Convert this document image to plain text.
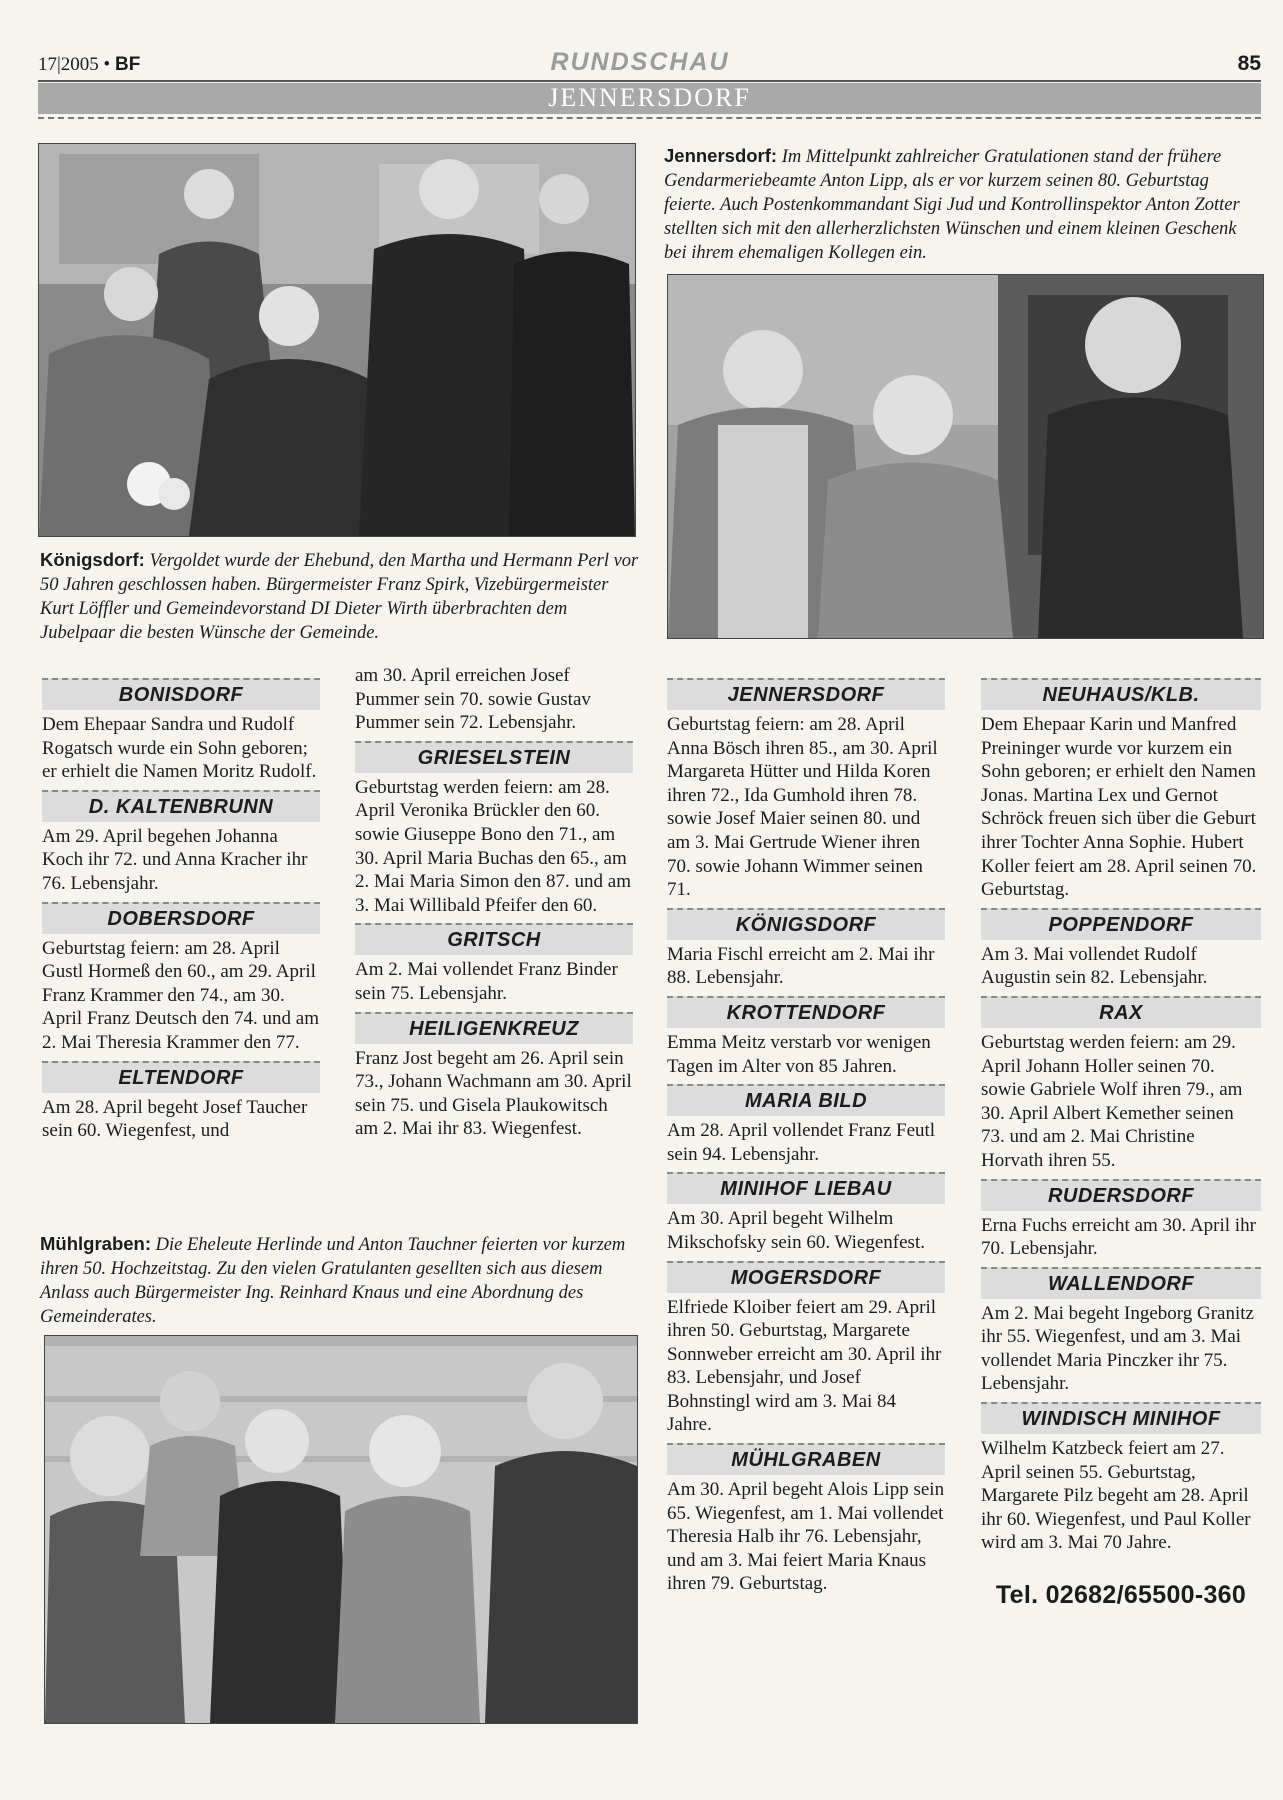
17|2005 • BF	RUNDSCHAU	85
JENNERSDORF
Jennersdorf: Im Mittelpunkt zahlreicher Gratulationen stand der frühere Gendarmeriebeamte Anton Lipp, als er vor kurzem seinen 80. Geburtstag feierte. Auch Postenkommandant Sigi Jud und Kontrollinspektor Anton Zotter stellten sich mit den allerherzlichsten Wünschen und einem kleinen Geschenk bei ihrem ehemaligen Kollegen ein.
Königsdorf: Vergoldet wurde der Ehebund, den Martha und Hermann Perl vor 50 Jahren geschlossen haben. Bürgermeister Franz Spirk, Vizebürgermeister Kurt Löffler und Gemeindevorstand DI Dieter Wirth überbrachten dem Jubelpaar die besten Wünsche der Gemeinde.
BONISDORF
Dem Ehepaar Sandra und Rudolf Rogatsch wurde ein Sohn geboren; er erhielt die Namen Moritz Rudolf.
D. KALTENBRUNN
Am 29. April begehen Johanna Koch ihr 72. und Anna Kracher ihr 76. Lebensjahr.
DOBERSDORF
Geburtstag feiern: am 28. April Gustl Hormeß den 60., am 29. April Franz Krammer den 74., am 30. April Franz Deutsch den 74. und am 2. Mai Theresia Krammer den 77.
ELTENDORF
Am 28. April begeht Josef Taucher sein 60. Wiegenfest, und
am 30. April erreichen Josef Pummer sein 70. sowie Gustav Pummer sein 72. Lebensjahr.
GRIESELSTEIN
Geburtstag werden feiern: am 28. April Veronika Brückler den 60. sowie Giuseppe Bono den 71., am 30. April Maria Buchas den 65., am 2. Mai Maria Simon den 87. und am 3. Mai Willibald Pfeifer den 60.
GRITSCH
Am 2. Mai vollendet Franz Binder sein 75. Lebensjahr.
HEILIGENKREUZ
Franz Jost begeht am 26. April sein 73., Johann Wachmann am 30. April sein 75. und Gisela Plaukowitsch am 2. Mai ihr 83. Wiegenfest.
JENNERSDORF
Geburtstag feiern: am 28. April Anna Bösch ihren 85., am 30. April Margareta Hütter und Hilda Koren ihren 72., Ida Gumhold ihren 78. sowie Josef Maier seinen 80. und am 3. Mai Gertrude Wiener ihren 70. sowie Johann Wimmer seinen 71.
KÖNIGSDORF
Maria Fischl erreicht am 2. Mai ihr 88. Lebensjahr.
KROTTENDORF
Emma Meitz verstarb vor wenigen Tagen im Alter von 85 Jahren.
MARIA BILD
Am 28. April vollendet Franz Feutl sein 94. Lebensjahr.
MINIHOF LIEBAU
Am 30. April begeht Wilhelm Mikschofsky sein 60. Wiegenfest.
MOGERSDORF
Elfriede Kloiber feiert am 29. April ihren 50. Geburtstag, Margarete Sonnweber erreicht am 30. April ihr 83. Lebensjahr, und Josef Bohnstingl wird am 3. Mai 84 Jahre.
MÜHLGRABEN
Am 30. April begeht Alois Lipp sein 65. Wiegenfest, am 1. Mai vollendet Theresia Halb ihr 76. Lebensjahr, und am 3. Mai feiert Maria Knaus ihren 79. Geburtstag.
NEUHAUS/KLB.
Dem Ehepaar Karin und Manfred Preininger wurde vor kurzem ein Sohn geboren; er erhielt den Namen Jonas. Martina Lex und Gernot Schröck freuen sich über die Geburt ihrer Tochter Anna Sophie. Hubert Koller feiert am 28. April seinen 70. Geburtstag.
POPPENDORF
Am 3. Mai vollendet Rudolf Augustin sein 82. Lebensjahr.
RAX
Geburtstag werden feiern: am 29. April Johann Holler seinen 70. sowie Gabriele Wolf ihren 79., am 30. April Albert Kemether seinen 73. und am 2. Mai Christine Horvath ihren 55.
RUDERSDORF
Erna Fuchs erreicht am 30. April ihr 70. Lebensjahr.
WALLENDORF
Am 2. Mai begeht Ingeborg Granitz ihr 55. Wiegenfest, und am 3. Mai vollendet Maria Pinczker ihr 75. Lebensjahr.
WINDISCH MINIHOF
Wilhelm Katzbeck feiert am 27. April seinen 55. Geburtstag, Margarete Pilz begeht am 28. April ihr 60. Wiegenfest, und Paul Koller wird am 3. Mai 70 Jahre.
Tel. 02682/65500-360
Mühlgraben: Die Eheleute Herlinde und Anton Tauchner feierten vor kurzem ihren 50. Hochzeitstag. Zu den vielen Gratulanten gesellten sich aus diesem Anlass auch Bürgermeister Ing. Reinhard Knaus und eine Abordnung des Gemeinderates.
